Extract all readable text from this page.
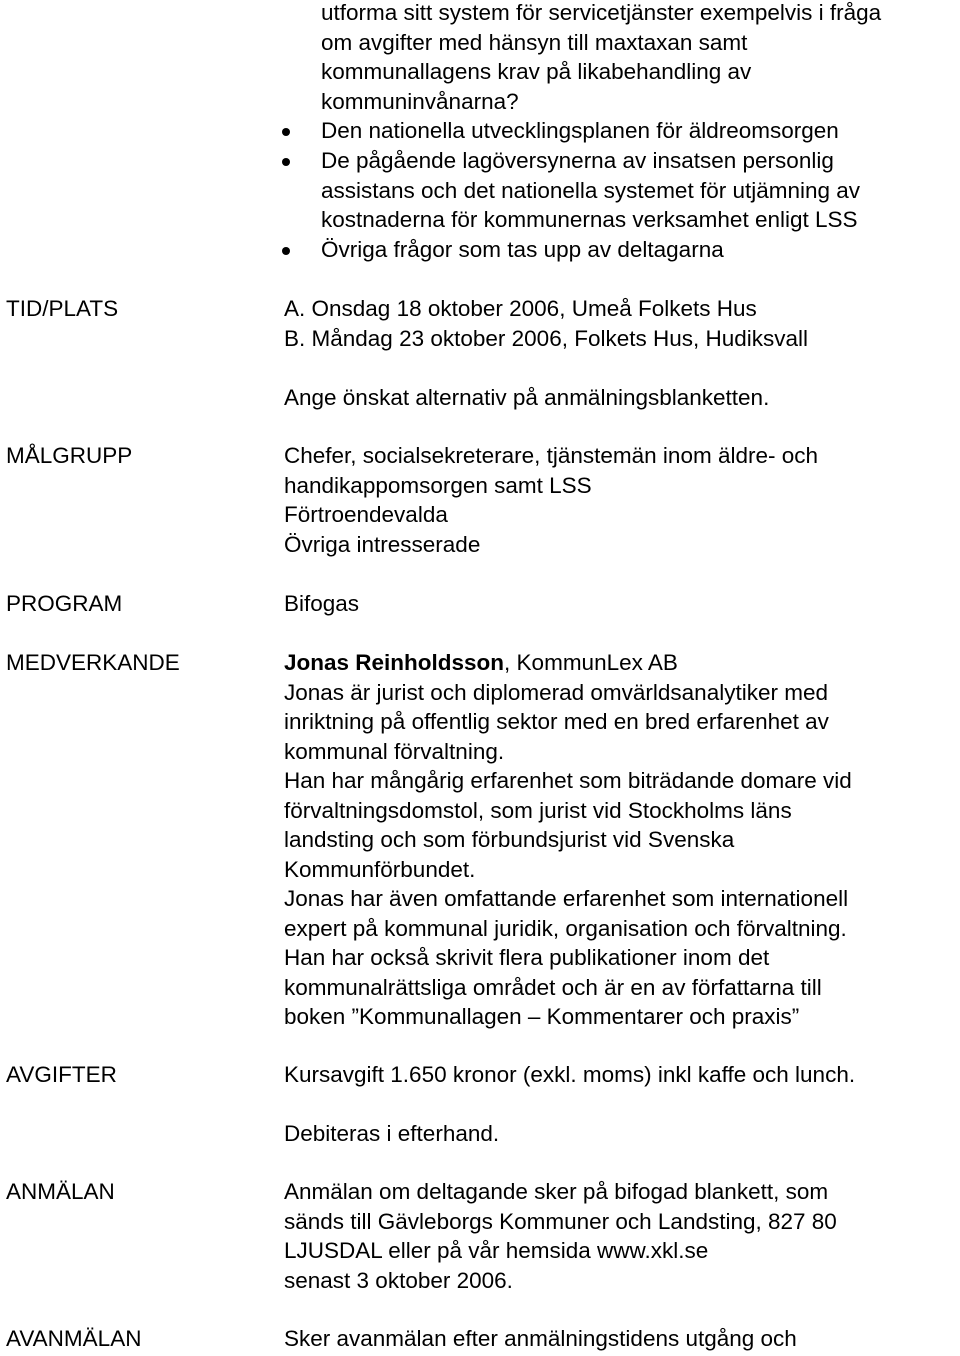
utforma sitt system för servicetjänster exempelvis i fråga
om avgifter med hänsyn till maxtaxan samt
kommunallagens krav på likabehandling av
kommuninvånarna?
Den nationella utvecklingsplanen för äldreomsorgen
De pågående lagöversynerna av insatsen personlig
assistans och det nationella systemet för utjämning av
kostnaderna för kommunernas verksamhet enligt LSS
Övriga frågor som tas upp av deltagarna
TID/PLATS	A. Onsdag 18 oktober 2006, Umeå Folkets Hus
B. Måndag 23 oktober 2006, Folkets Hus, Hudiksvall
Ange önskat alternativ på anmälningsblanketten.
MÅLGRUPP	Chefer, socialsekreterare, tjänstemän inom äldre- och
handikappomsorgen samt LSS
Förtroendevalda
Övriga intresserade
PROGRAM	Bifogas
MEDVERKANDE	Jonas Reinholdsson, KommunLex AB
Jonas är jurist och diplomerad omvärldsanalytiker med
inriktning på offentlig sektor med en bred erfarenhet av
kommunal förvaltning.
Han har mångårig erfarenhet som biträdande domare vid
förvaltningsdomstol, som jurist vid Stockholms läns
landsting och som förbundsjurist vid Svenska
Kommunförbundet.
Jonas har även omfattande erfarenhet som internationell
expert på kommunal juridik, organisation och förvaltning.
Han har också skrivit flera publikationer inom det
kommunalrättsliga området och är en av författarna till
boken ”Kommunallagen – Kommentarer och praxis”
AVGIFTER	Kursavgift 1.650 kronor (exkl. moms) inkl kaffe och lunch.
Debiteras i efterhand.
ANMÄLAN	Anmälan om deltagande sker på bifogad blankett, som
sänds till Gävleborgs Kommuner och Landsting, 827 80
LJUSDAL eller på vår hemsida www.xkl.se
senast 3 oktober 2006.
AVANMÄLAN	Sker avanmälan efter anmälningstidens utgång och
